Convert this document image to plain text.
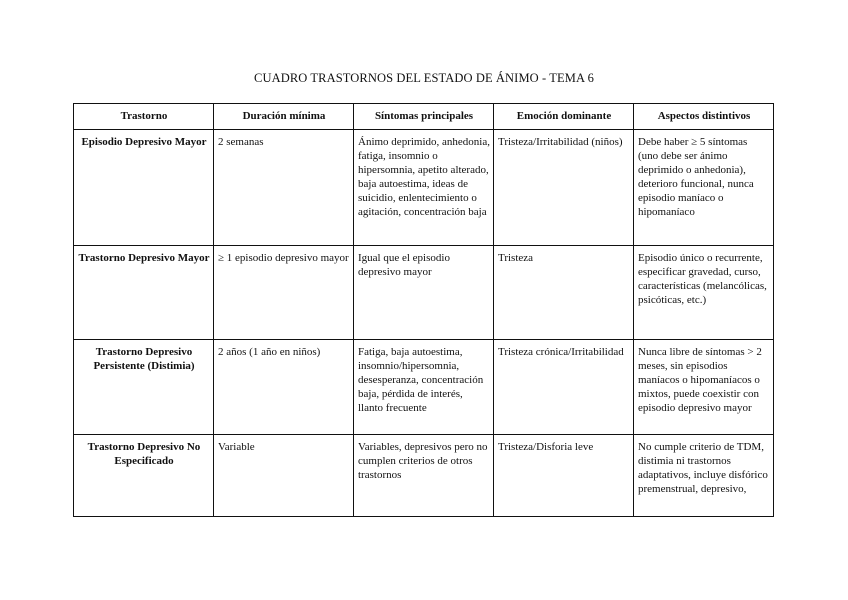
CUADRO TRASTORNOS DEL ESTADO DE ÁNIMO - TEMA 6
Trastorno	Duración mínima	Síntomas principales	Emoción dominante	Aspectos distintivos
Episodio Depresivo Mayor	2 semanas	Ánimo deprimido, anhedonia, fatiga, insomnio o hipersomnia, apetito alterado, baja autoestima, ideas de suicidio, enlentecimiento o agitación, concentración baja	Tristeza/Irritabilidad (niños)	Debe haber ≥ 5 síntomas (uno debe ser ánimo deprimido o anhedonia), deterioro funcional, nunca episodio maníaco o hipomaníaco
Trastorno Depresivo Mayor	≥ 1 episodio depresivo mayor	Igual que el episodio depresivo mayor	Tristeza	Episodio único o recurrente, especificar gravedad, curso, características (melancólicas, psicóticas, etc.)
Trastorno Depresivo Persistente (Distimia)	2 años (1 año en niños)	Fatiga, baja autoestima, insomnio/hipersomnia, desesperanza, concentración baja, pérdida de interés, llanto frecuente	Tristeza crónica/Irritabilidad	Nunca libre de síntomas > 2 meses, sin episodios maníacos o hipomaníacos o mixtos, puede coexistir con episodio depresivo mayor
Trastorno Depresivo No Especificado	Variable	Variables, depresivos pero no cumplen criterios de otros trastornos	Tristeza/Disforia leve	No cumple criterio de TDM, distimia ni trastornos adaptativos, incluye disfórico premenstrual, depresivo,
